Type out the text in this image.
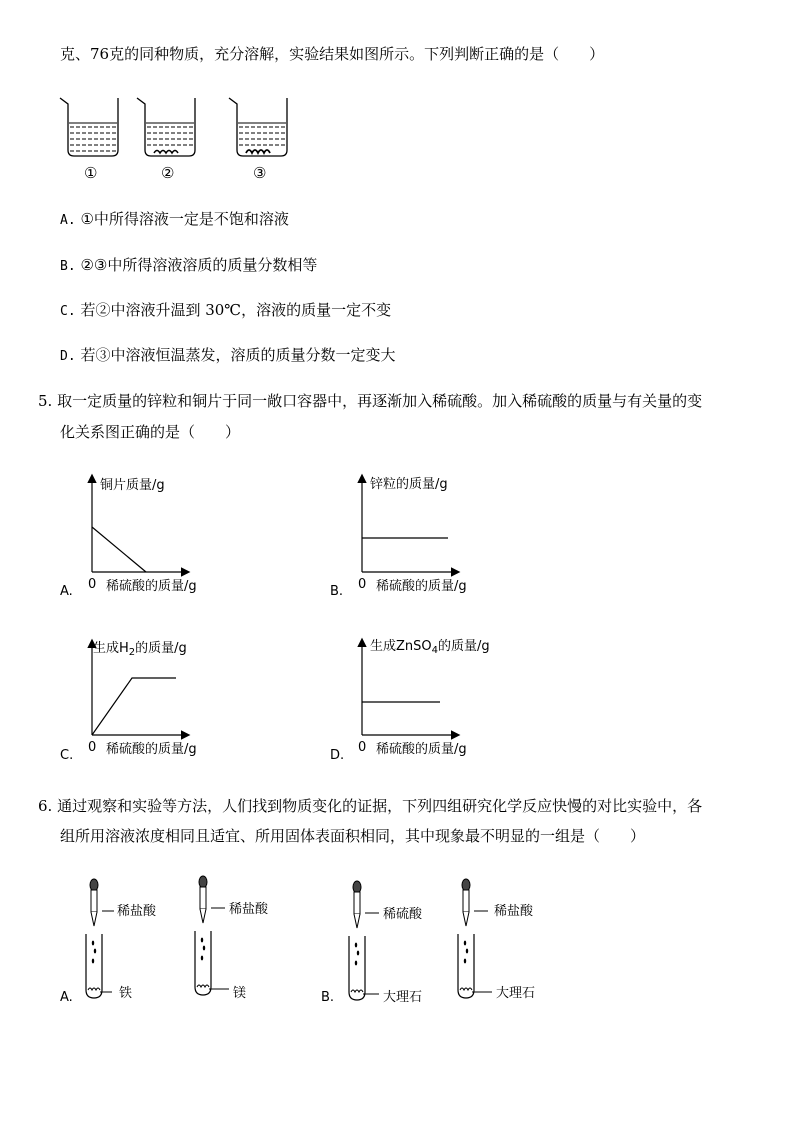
克、76克的同种物质，充分溶解，实验结果如图所示。下列判断正确的是（　　）
①	②	③
A. ①中所得溶液一定是不饱和溶液
B. ②③中所得溶液溶质的质量分数相等
C. 若②中溶液升温到 30℃，溶液的质量一定不变
D. 若③中溶液恒温蒸发，溶质的质量分数一定变大
5. 取一定质量的锌粒和铜片于同一敞口容器中，再逐渐加入稀硫酸。加入稀硫酸的质量与有关量的变
化关系图正确的是（　　）
铜片质量/g
0 稀硫酸的质量/g
A.
锌粒的质量/g
0 稀硫酸的质量/g
B.
生成$H_2$的质量/g
0 稀硫酸的质量/g
C.
生成ZnSO$_4$的质量/g
0 稀硫酸的质量/g
D.
6. 通过观察和实验等方法，人们找到物质变化的证据，下列四组研究化学反应快慢的对比实验中，各
组所用溶液浓度相同且适宜、所用固体表面积相同，其中现象最不明显的一组是（　　）
稀盐酸
铁
稀盐酸
镁
稀硫酸
大理石
稀盐酸
大理石
A.	B.
